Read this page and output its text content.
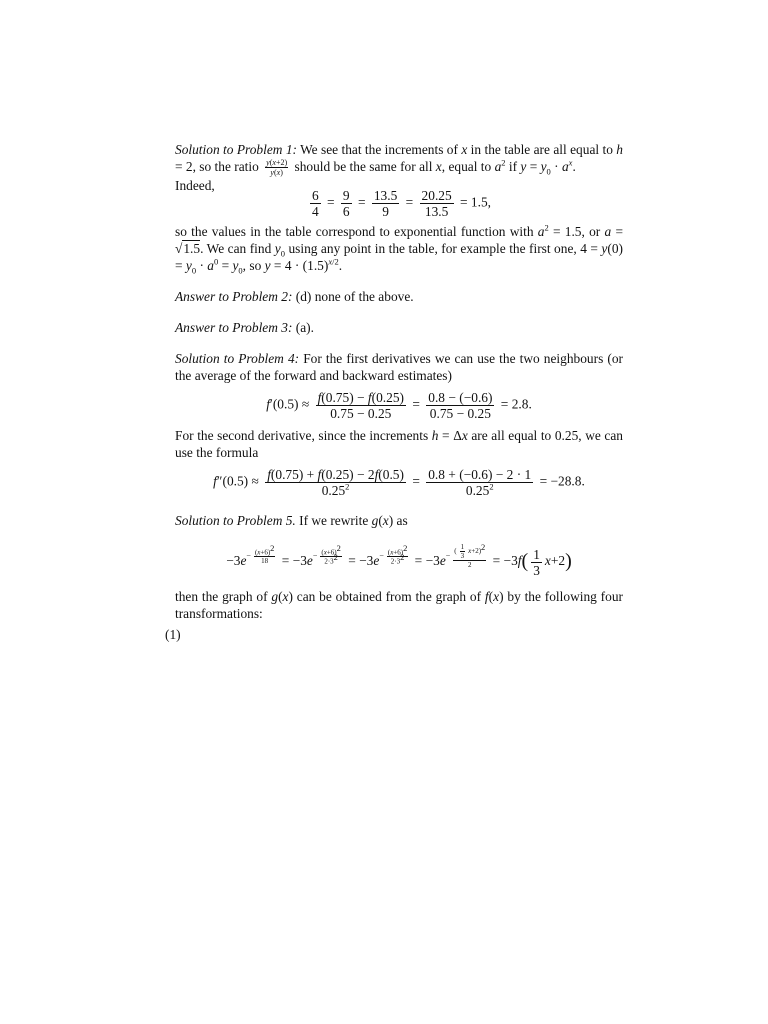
Solution to Problem 1: We see that the increments of x in the table are all equal to h = 2, so the ratio $\frac{y(x+2)}{y(x)}$ should be the same for all x, equal to $a^2$ if $y = y_0 \cdot a^x$.
Indeed,

$\frac{6}{4} = \frac{9}{6} = \frac{13.5}{9} = \frac{20.25}{13.5} = 1.5$,

so the values in the table correspond to exponential function with $a^2 = 1.5$, or a = √1.5. We can find $y_0$ using any point in the table, for example the first one, $4 = y(0) = y_0 \cdot a^0 = y_0$, so $y = 4 \cdot (1.5)^{x/2}$.

Answer to Problem 2: (d) none of the above.

Answer to Problem 3: (a).

Solution to Problem 4: For the first derivatives we can use the two neighbours (or the average of the forward and backward estimates)

$f'(0.5) \approx \frac{f(0.75) - f(0.25)}{0.75 - 0.25} = \frac{0.8 - (-0.6)}{0.75 - 0.25} = 2.8$.

For the second derivative, since the increments h = Δx are all equal to 0.25, we can use the formula

$f''(0.5) \approx \frac{f(0.75) + f(0.25) - 2f(0.5)}{0.25^2} = \frac{0.8 + (-0.6) - 2 \cdot 1}{0.25^2} = -28.8$.

Solution to Problem 5. If we rewrite g(x) as

$-3e- \frac{(x+6)^2}{18} = -3e- \frac{(x+6)^2}{2\cdot 3^2} = -3e- \frac{(x+6)^2}{2\cdot 3^2} = -3e- \frac{( \frac{1}{3} x+2)^2}{2} = -3f( \frac{1}{3} x+2)$

then the graph of g(x) can be obtained from the graph of f(x) by the following four transformations:

(1)
